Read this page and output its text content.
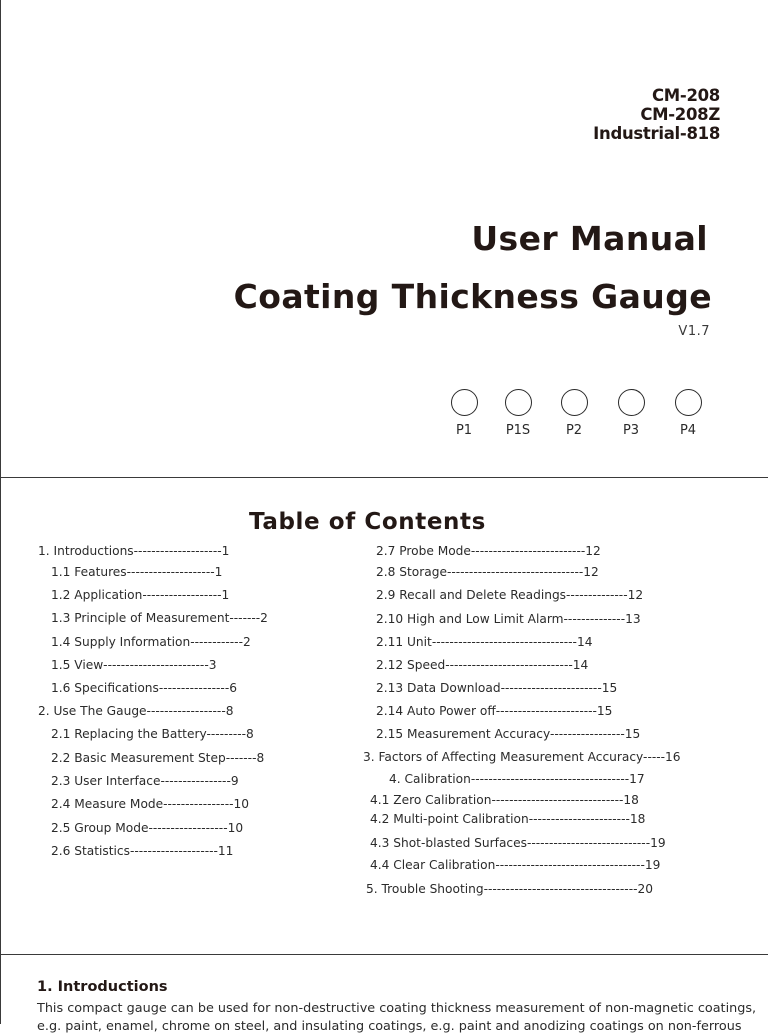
CM-208
CM-208Z
Industrial-818
User Manual
Coating Thickness Gauge
V1.7
P1	P1S	P2	P3	P4
Table of Contents
1. Introductions--------------------1
1.1 Features--------------------1
1.2 Application------------------1
1.3 Principle of Measurement-------2
1.4 Supply Information------------2
1.5 View------------------------3
1.6 Specifications----------------6
2. Use The Gauge------------------8
2.1 Replacing the Battery---------8
2.2 Basic Measurement Step-------8
2.3 User Interface----------------9
2.4 Measure Mode----------------10
2.5 Group Mode------------------10
2.6 Statistics--------------------11
2.7 Probe Mode--------------------------12
2.8 Storage-------------------------------12
2.9 Recall and Delete Readings--------------12
2.10 High and Low Limit Alarm--------------13
2.11 Unit---------------------------------14
2.12 Speed-----------------------------14
2.13 Data Download-----------------------15
2.14 Auto Power off-----------------------15
2.15 Measurement Accuracy-----------------15
3. Factors of Affecting Measurement Accuracy-----16
4. Calibration------------------------------------17
4.1 Zero Calibration------------------------------18
4.2 Multi-point Calibration-----------------------18
4.3 Shot-blasted Surfaces----------------------------19
4.4 Clear Calibration----------------------------------19
5. Trouble Shooting-----------------------------------20
1. Introductions
This compact gauge can be used for non-destructive coating thickness measurement of non-magnetic coatings, e.g. paint, enamel, chrome on steel, and insulating coatings, e.g. paint and anodizing coatings on non-ferrous
